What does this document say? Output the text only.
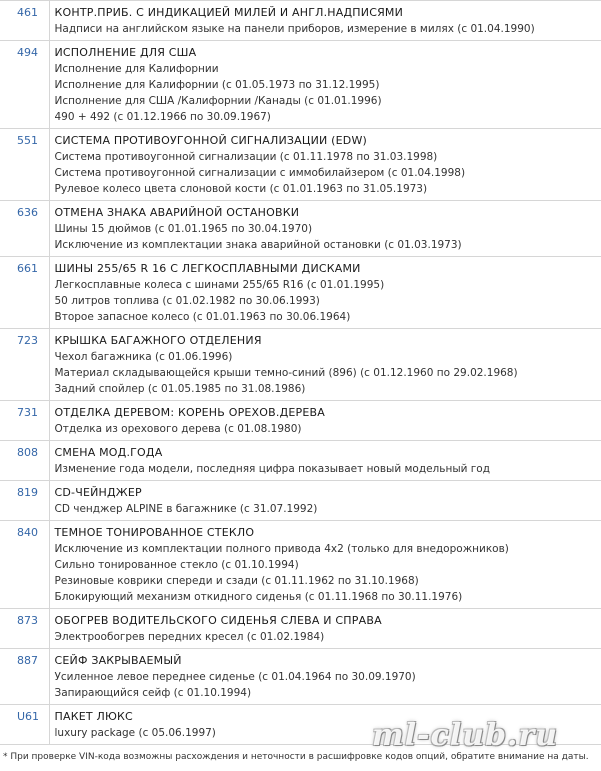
461	КОНТР.ПРИБ. С ИНДИКАЦИЕЙ МИЛЕЙ И АНГЛ.НАДПИСЯМИ
Надписи на английском языке на панели приборов, измерение в милях (с 01.04.1990)

494	ИСПОЛНЕНИЕ ДЛЯ США
Исполнение для Калифорнии
Исполнение для Калифорнии (с 01.05.1973 по 31.12.1995)
Исполнение для США /Калифорнии /Канады (с 01.01.1996)
490 + 492 (с 01.12.1966 по 30.09.1967)

551	СИСТЕМА ПРОТИВОУГОННОЙ СИГНАЛИЗАЦИИ (EDW)
Система противоугонной сигнализации (с 01.11.1978 по 31.03.1998)
Система противоугонной сигнализации с иммобилайзером (с 01.04.1998)
Рулевое колесо цвета слоновой кости (с 01.01.1963 по 31.05.1973)

636	ОТМЕНА ЗНАКА АВАРИЙНОЙ ОСТАНОВКИ
Шины 15 дюймов (с 01.01.1965 по 30.04.1970)
Исключение из комплектации знака аварийной остановки (с 01.03.1973)

661	ШИНЫ 255/65 R 16 С ЛЕГКОСПЛАВНЫМИ ДИСКАМИ
Легкосплавные колеса с шинами 255/65 R16 (с 01.01.1995)
50 литров топлива (с 01.02.1982 по 30.06.1993)
Второе запасное колесо (с 01.01.1963 по 30.06.1964)

723	КРЫШКА БАГАЖНОГО ОТДЕЛЕНИЯ
Чехол багажника (с 01.06.1996)
Материал складывающейся крыши темно-синий (896) (с 01.12.1960 по 29.02.1968)
Задний спойлер (с 01.05.1985 по 31.08.1986)

731	ОТДЕЛКА ДЕРЕВОМ: КОРЕНЬ ОРЕХОВ.ДЕРЕВА
Отделка из орехового дерева (с 01.08.1980)

808	СМЕНА МОД.ГОДА
Изменение года модели, последняя цифра показывает новый модельный год

819	CD-ЧЕЙНДЖЕР
CD ченджер ALPINE в багажнике (с 31.07.1992)

840	ТЕМНОЕ ТОНИРОВАННОЕ СТЕКЛО
Исключение из комплектации полного привода 4x2 (только для внедорожников)
Сильно тонированное стекло (с 01.10.1994)
Резиновые коврики спереди и сзади (с 01.11.1962 по 31.10.1968)
Блокирующий механизм откидного сиденья (с 01.11.1968 по 30.11.1976)

873	ОБОГРЕВ ВОДИТЕЛЬСКОГО СИДЕНЬЯ СЛЕВА И СПРАВА
Электрообогрев передних кресел (с 01.02.1984)

887	СЕЙФ ЗАКРЫВАЕМЫЙ
Усиленное левое переднее сиденье (с 01.04.1964 по 30.09.1970)
Запирающийся сейф (с 01.10.1994)

U61	ПАКЕТ ЛЮКС
luxury package (с 05.06.1997)
* При проверке VIN-кода возможны расхождения и неточности в расшифровке кодов опций, обратите внимание на даты.
ml-club.ru
